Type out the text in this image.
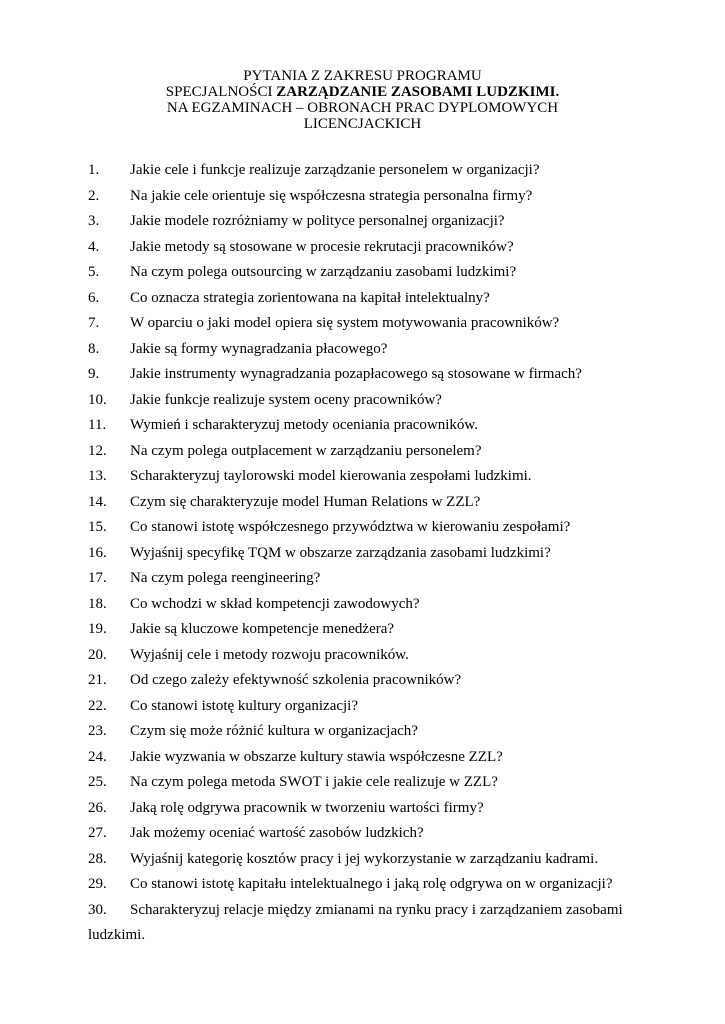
PYTANIA Z ZAKRESU PROGRAMU
SPECJALNOŚCI ZARZĄDZANIE ZASOBAMI LUDZKIMI.
NA EGZAMINACH – OBRONACH PRAC DYPLOMOWYCH
LICENCJACKICH
1. Jakie cele i funkcje realizuje zarządzanie personelem w organizacji?
2. Na jakie cele orientuje się współczesna strategia personalna firmy?
3. Jakie modele rozróżniamy w polityce personalnej organizacji?
4. Jakie metody są stosowane w procesie rekrutacji pracowników?
5. Na czym polega outsourcing w zarządzaniu zasobami ludzkimi?
6. Co oznacza strategia zorientowana na kapitał intelektualny?
7. W oparciu o jaki model opiera się system motywowania pracowników?
8. Jakie są formy wynagradzania płacowego?
9. Jakie instrumenty wynagradzania pozapłacowego są stosowane w firmach?
10. Jakie funkcje realizuje system oceny pracowników?
11. Wymień i scharakteryzuj metody oceniania pracowników.
12. Na czym polega outplacement w zarządzaniu personelem?
13. Scharakteryzuj taylorowski model kierowania zespołami ludzkimi.
14. Czym się charakteryzuje model Human Relations w ZZL?
15. Co stanowi istotę współczesnego przywództwa w kierowaniu zespołami?
16. Wyjaśnij specyfikę TQM w obszarze zarządzania zasobami ludzkimi?
17. Na czym polega reengineering?
18. Co wchodzi w skład kompetencji zawodowych?
19. Jakie są kluczowe kompetencje menedżera?
20. Wyjaśnij cele i metody rozwoju pracowników.
21. Od czego zależy efektywność szkolenia pracowników?
22. Co stanowi istotę kultury organizacji?
23. Czym się może różnić kultura w organizacjach?
24. Jakie wyzwania w obszarze kultury stawia współczesne ZZL?
25. Na czym polega metoda SWOT i jakie cele realizuje w ZZL?
26. Jaką rolę odgrywa pracownik w tworzeniu wartości firmy?
27. Jak możemy oceniać wartość zasobów ludzkich?
28. Wyjaśnij kategorię kosztów pracy i jej wykorzystanie w zarządzaniu kadrami.
29. Co stanowi istotę kapitału intelektualnego i jaką rolę odgrywa on w organizacji?
30.	Scharakteryzuj relacje między zmianami na rynku pracy i zarządzaniem zasobami
ludzkimi.
